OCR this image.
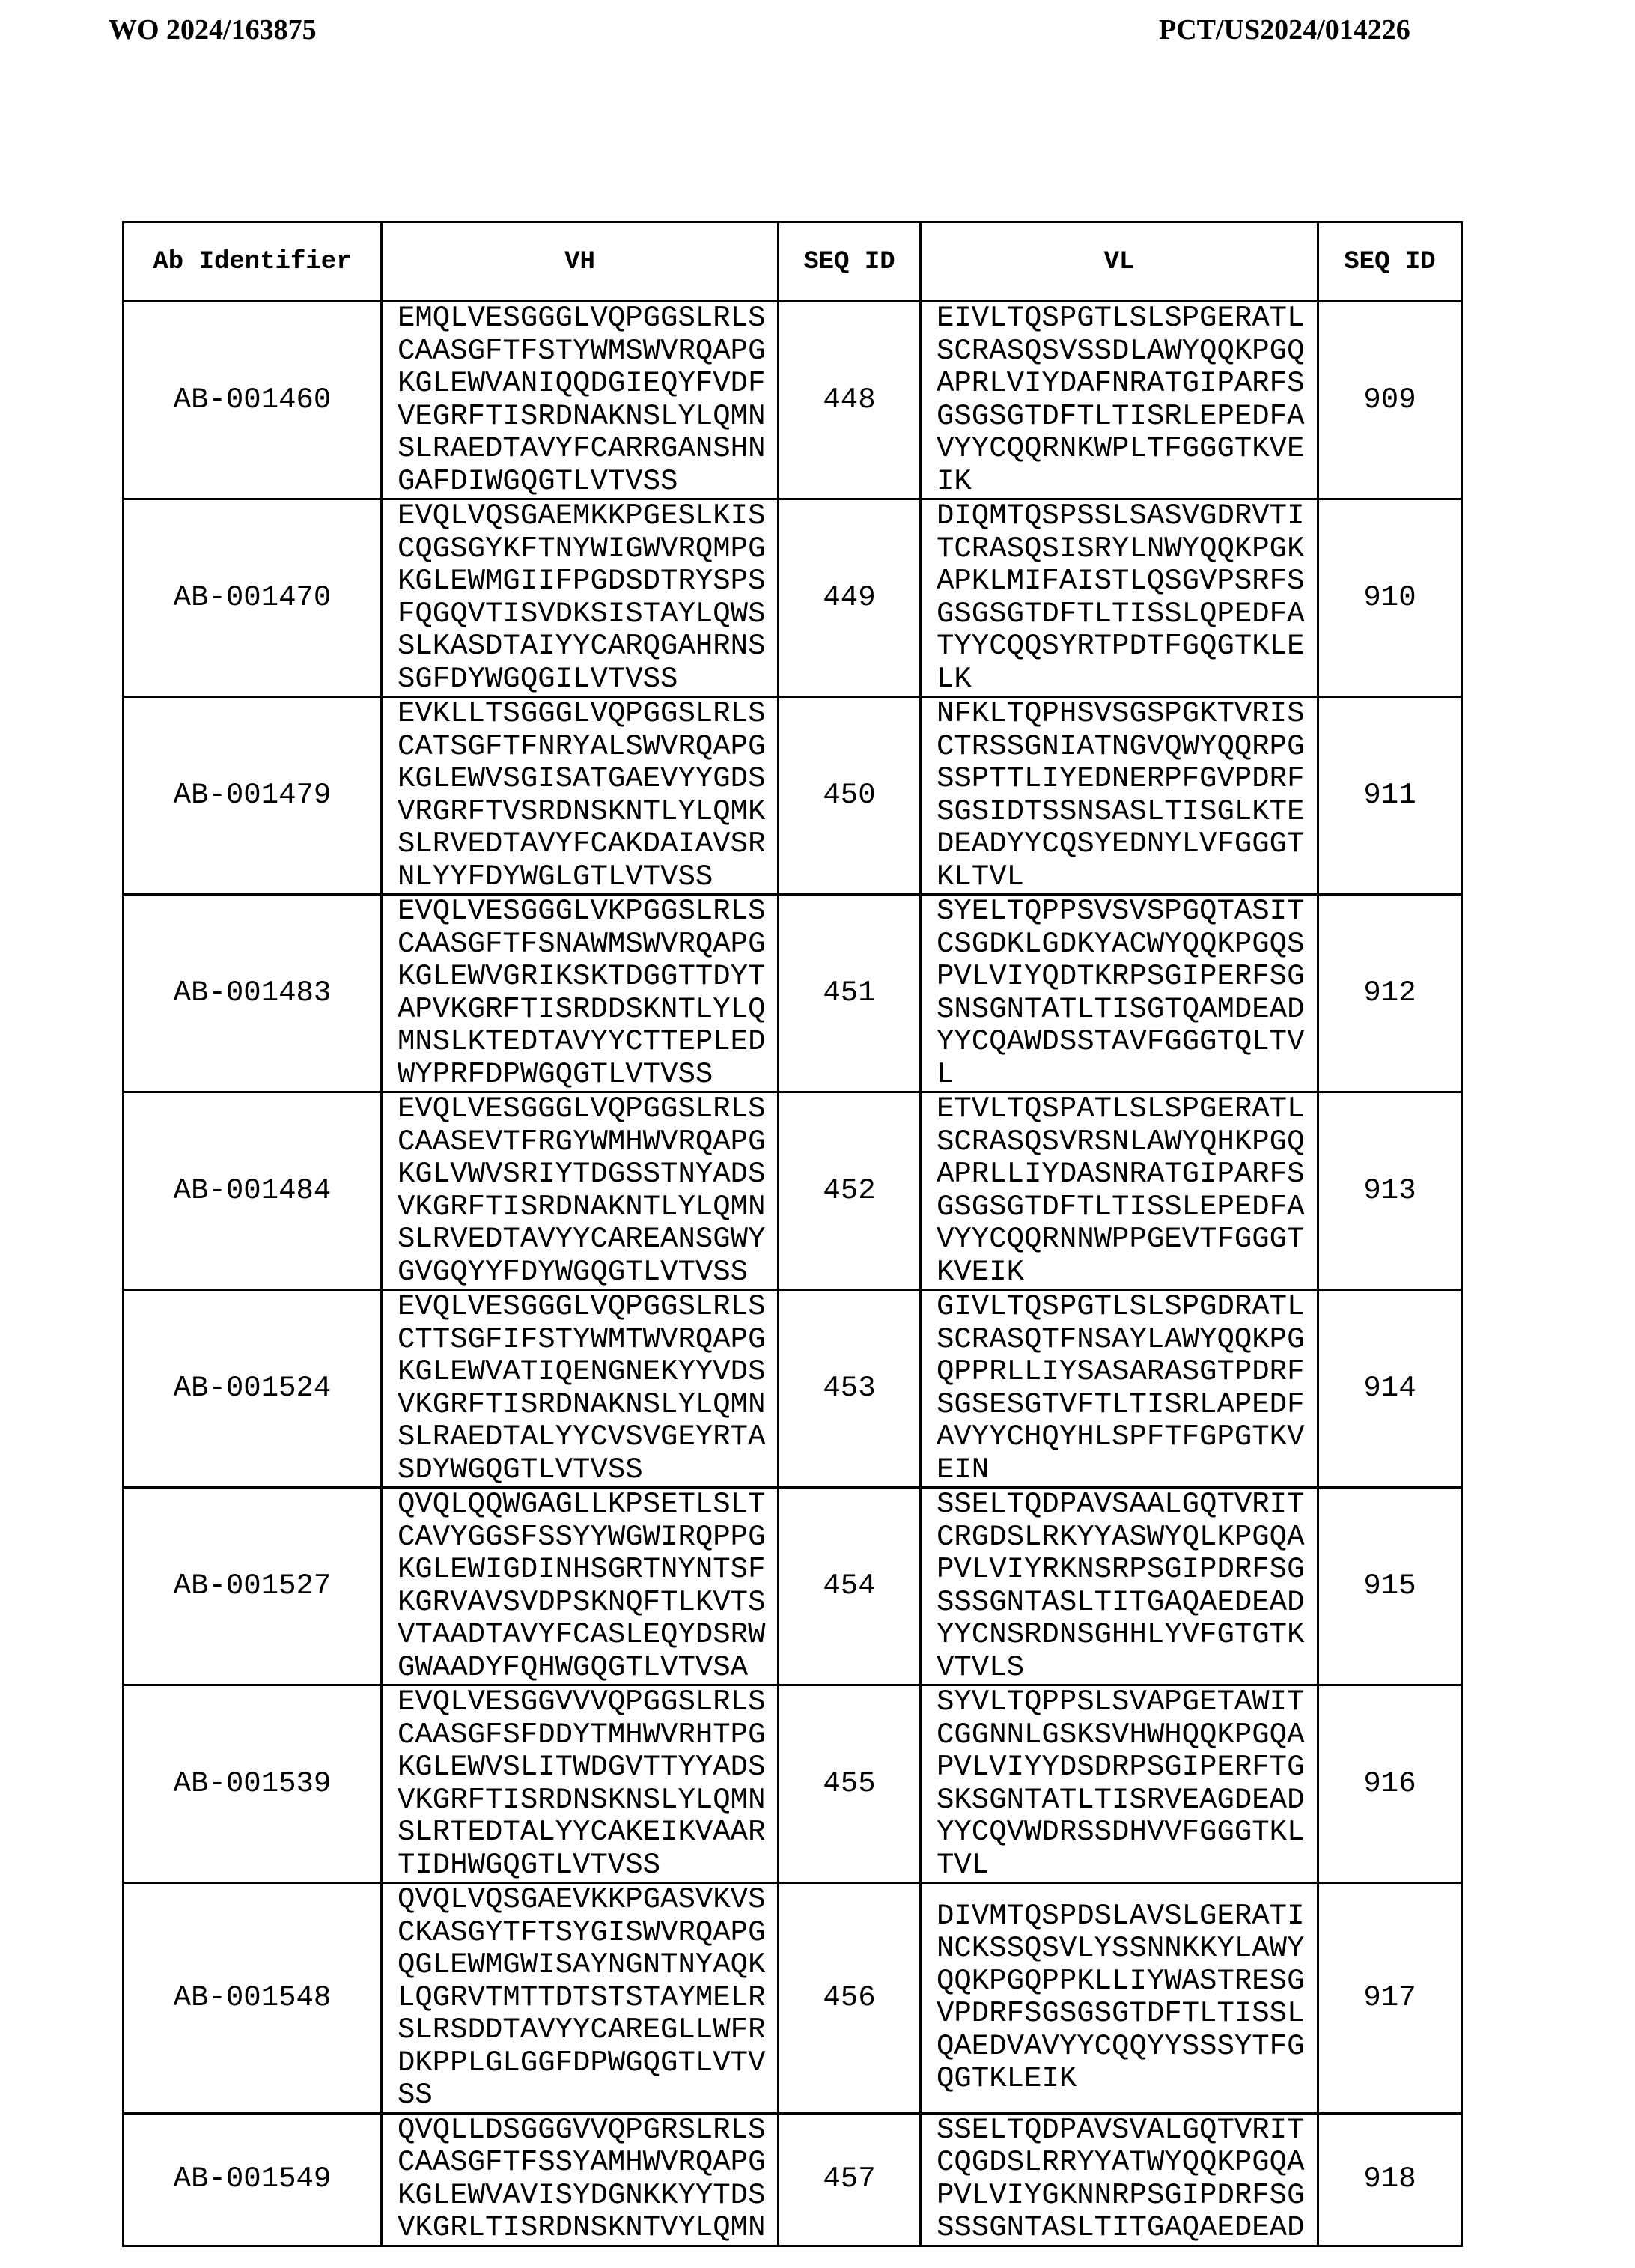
WO 2024/163875	PCT/US2024/014226
Ab Identifier	VH	SEQ ID	VL	SEQ ID
AB-001460	
EMQLVESGGGLVQPGGSLRLS
CAASGFTFSTYWMSWVRQAPG
KGLEWVANIQQDGIEQYFVDF
VEGRFTISRDNAKNSLYLQMN
SLRAEDTAVYFCARRGANSHN
GAFDIWGQGTLVTVSS
	448	
EIVLTQSPGTLSLSPGERATL
SCRASQSVSSDLAWYQQKPGQ
APRLVIYDAFNRATGIPARFS
GSGSGTDFTLTISRLEPEDFA
VYYCQQRNKWPLTFGGGTKVE
IK
	909
AB-001470	
EVQLVQSGAEMKKPGESLKIS
CQGSGYKFTNYWIGWVRQMPG
KGLEWMGIIFPGDSDTRYSPS
FQGQVTISVDKSISTAYLQWS
SLKASDTAIYYCARQGAHRNS
SGFDYWGQGILVTVSS
	449	
DIQMTQSPSSLSASVGDRVTI
TCRASQSISRYLNWYQQKPGK
APKLMIFAISTLQSGVPSRFS
GSGSGTDFTLTISSLQPEDFA
TYYCQQSYRTPDTFGQGTKLE
LK
	910
AB-001479	
EVKLLTSGGGLVQPGGSLRLS
CATSGFTFNRYALSWVRQAPG
KGLEWVSGISATGAEVYYGDS
VRGRFTVSRDNSKNTLYLQMK
SLRVEDTAVYFCAKDAIAVSR
NLYYFDYWGLGTLVTVSS
	450	
NFKLTQPHSVSGSPGKTVRIS
CTRSSGNIATNGVQWYQQRPG
SSPTTLIYEDNERPFGVPDRF
SGSIDTSSNSASLTISGLKTE
DEADYYCQSYEDNYLVFGGGT
KLTVL
	911
AB-001483	
EVQLVESGGGLVKPGGSLRLS
CAASGFTFSNAWMSWVRQAPG
KGLEWVGRIKSKTDGGTTDYT
APVKGRFTISRDDSKNTLYLQ
MNSLKTEDTAVYYCTTEPLED
WYPRFDPWGQGTLVTVSS
	451	
SYELTQPPSVSVSPGQTASIT
CSGDKLGDKYACWYQQKPGQS
PVLVIYQDTKRPSGIPERFSG
SNSGNTATLTISGTQAMDEAD
YYCQAWDSSTAVFGGGTQLTV
L
	912
AB-001484	
EVQLVESGGGLVQPGGSLRLS
CAASEVTFRGYWMHWVRQAPG
KGLVWVSRIYTDGSSTNYADS
VKGRFTISRDNAKNTLYLQMN
SLRVEDTAVYYCAREANSGWY
GVGQYYFDYWGQGTLVTVSS
	452	
ETVLTQSPATLSLSPGERATL
SCRASQSVRSNLAWYQHKPGQ
APRLLIYDASNRATGIPARFS
GSGSGTDFTLTISSLEPEDFA
VYYCQQRNNWPPGEVTFGGGT
KVEIK
	913
AB-001524	
EVQLVESGGGLVQPGGSLRLS
CTTSGFIFSTYWMTWVRQAPG
KGLEWVATIQENGNEKYYVDS
VKGRFTISRDNAKNSLYLQMN
SLRAEDTALYYCVSVGEYRTA
SDYWGQGTLVTVSS
	453	
GIVLTQSPGTLSLSPGDRATL
SCRASQTFNSAYLAWYQQKPG
QPPRLLIYSASARASGTPDRF
SGSESGTVFTLTISRLAPEDF
AVYYCHQYHLSPFTFGPGTKV
EIN
	914
AB-001527	
QVQLQQWGAGLLKPSETLSLT
CAVYGGSFSSYYWGWIRQPPG
KGLEWIGDINHSGRTNYNTSF
KGRVAVSVDPSKNQFTLKVTS
VTAADTAVYFCASLEQYDSRW
GWAADYFQHWGQGTLVTVSA
	454	
SSELTQDPAVSAALGQTVRIT
CRGDSLRKYYASWYQLKPGQA
PVLVIYRKNSRPSGIPDRFSG
SSSGNTASLTITGAQAEDEAD
YYCNSRDNSGHHLYVFGTGTK
VTVLS
	915
AB-001539	
EVQLVESGGVVVQPGGSLRLS
CAASGFSFDDYTMHWVRHTPG
KGLEWVSLITWDGVTTYYADS
VKGRFTISRDNSKNSLYLQMN
SLRTEDTALYYCAKEIKVAAR
TIDHWGQGTLVTVSS
	455	
SYVLTQPPSLSVAPGETAWIT
CGGNNLGSKSVHWHQQKPGQA
PVLVIYYDSDRPSGIPERFTG
SKSGNTATLTISRVEAGDEAD
YYCQVWDRSSDHVVFGGGTKL
TVL
	916
AB-001548	
QVQLVQSGAEVKKPGASVKVS
CKASGYTFTSYGISWVRQAPG
QGLEWMGWISAYNGNTNYAQK
LQGRVTMTTDTSTSTAYMELR
SLRSDDTAVYYCAREGLLWFR
DKPPLGLGGFDPWGQGTLVTV
SS
	456	
DIVMTQSPDSLAVSLGERATI
NCKSSQSVLYSSNNKKYLAWY
QQKPGQPPKLLIYWASTRESG
VPDRFSGSGSGTDFTLTISSL
QAEDVAVYYCQQYYSSSYTFG
QGTKLEIK
	917
AB-001549	
QVQLLDSGGGVVQPGRSLRLS
CAASGFTFSSYAMHWVRQAPG
KGLEWVAVISYDGNKKYYTDS
VKGRLTISRDNSKNTVYLQMN
	457	
SSELTQDPAVSVALGQTVRIT
CQGDSLRRYYATWYQQKPGQA
PVLVIYGKNNRPSGIPDRFSG
SSSGNTASLTITGAQAEDEAD
	918
